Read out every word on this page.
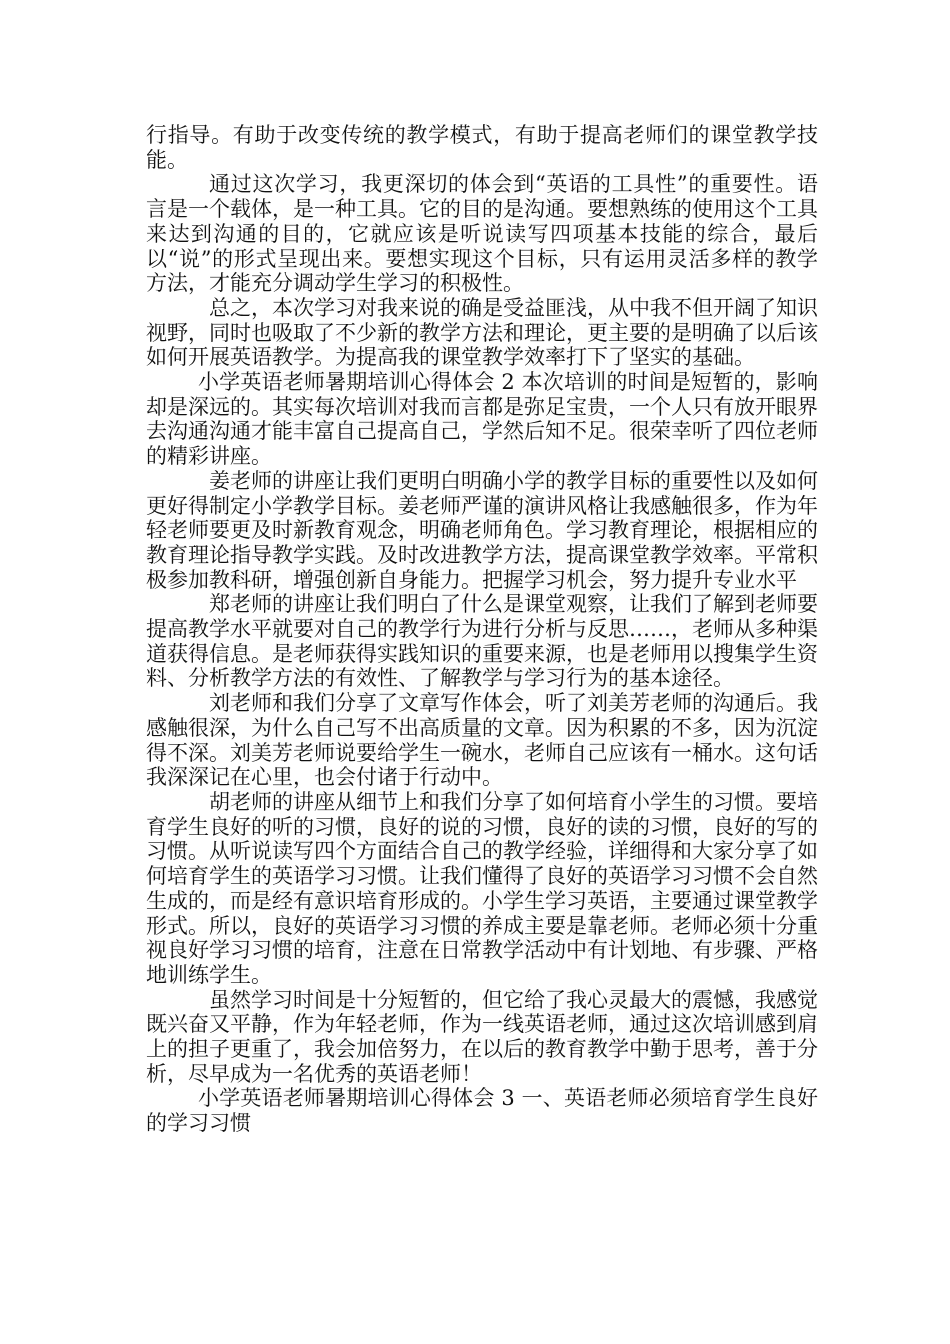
行指导。有助于改变传统的教学模式，有助于提高老师们的课堂教学技能。

通过这次学习，我更深切的体会到“英语的工具性”的重要性。语言是一个载体，是一种工具。它的目的是沟通。要想熟练的使用这个工具来达到沟通的目的，它就应该是听说读写四项基本技能的综合，最后以“说”的形式呈现出来。要想实现这个目标，只有运用灵活多样的教学方法，才能充分调动学生学习的积极性。

总之，本次学习对我来说的确是受益匪浅，从中我不但开阔了知识视野，同时也吸取了不少新的教学方法和理论，更主要的是明确了以后该如何开展英语教学。为提高我的课堂教学效率打下了坚实的基础。

小学英语老师暑期培训心得体会 2 本次培训的时间是短暂的，影响却是深远的。其实每次培训对我而言都是弥足宝贵，一个人只有放开眼界去沟通沟通才能丰富自己提高自己，学然后知不足。很荣幸听了四位老师的精彩讲座。

姜老师的讲座让我们更明白明确小学的教学目标的重要性以及如何更好得制定小学教学目标。姜老师严谨的演讲风格让我感触很多，作为年轻老师要更及时新教育观念，明确老师角色。学习教育理论，根据相应的教育理论指导教学实践。及时改进教学方法，提高课堂教学效率。平常积极参加教科研，增强创新自身能力。把握学习机会，努力提升专业水平

郑老师的讲座让我们明白了什么是课堂观察，让我们了解到老师要提高教学水平就要对自己的教学行为进行分析与反思……，老师从多种渠道获得信息。是老师获得实践知识的重要来源，也是老师用以搜集学生资料、分析教学方法的有效性、了解教学与学习行为的基本途径。

刘老师和我们分享了文章写作体会，听了刘美芳老师的沟通后。我感触很深，为什么自己写不出高质量的文章。因为积累的不多，因为沉淀得不深。刘美芳老师说要给学生一碗水，老师自己应该有一桶水。这句话我深深记在心里，也会付诸于行动中。

胡老师的讲座从细节上和我们分享了如何培育小学生的习惯。要培育学生良好的听的习惯，良好的说的习惯，良好的读的习惯，良好的写的习惯。从听说读写四个方面结合自己的教学经验，详细得和大家分享了如何培育学生的英语学习习惯。让我们懂得了良好的英语学习习惯不会自然生成的，而是经有意识培育形成的。小学生学习英语，主要通过课堂教学形式。所以，良好的英语学习习惯的养成主要是靠老师。老师必须十分重视良好学习习惯的培育，注意在日常教学活动中有计划地、有步骤、严格地训练学生。

虽然学习时间是十分短暂的，但它给了我心灵最大的震憾，我感觉既兴奋又平静，作为年轻老师，作为一线英语老师，通过这次培训感到肩上的担子更重了，我会加倍努力，在以后的教育教学中勤于思考，善于分析，尽早成为一名优秀的英语老师！

小学英语老师暑期培训心得体会 3 一、英语老师必须培育学生良好的学习习惯
